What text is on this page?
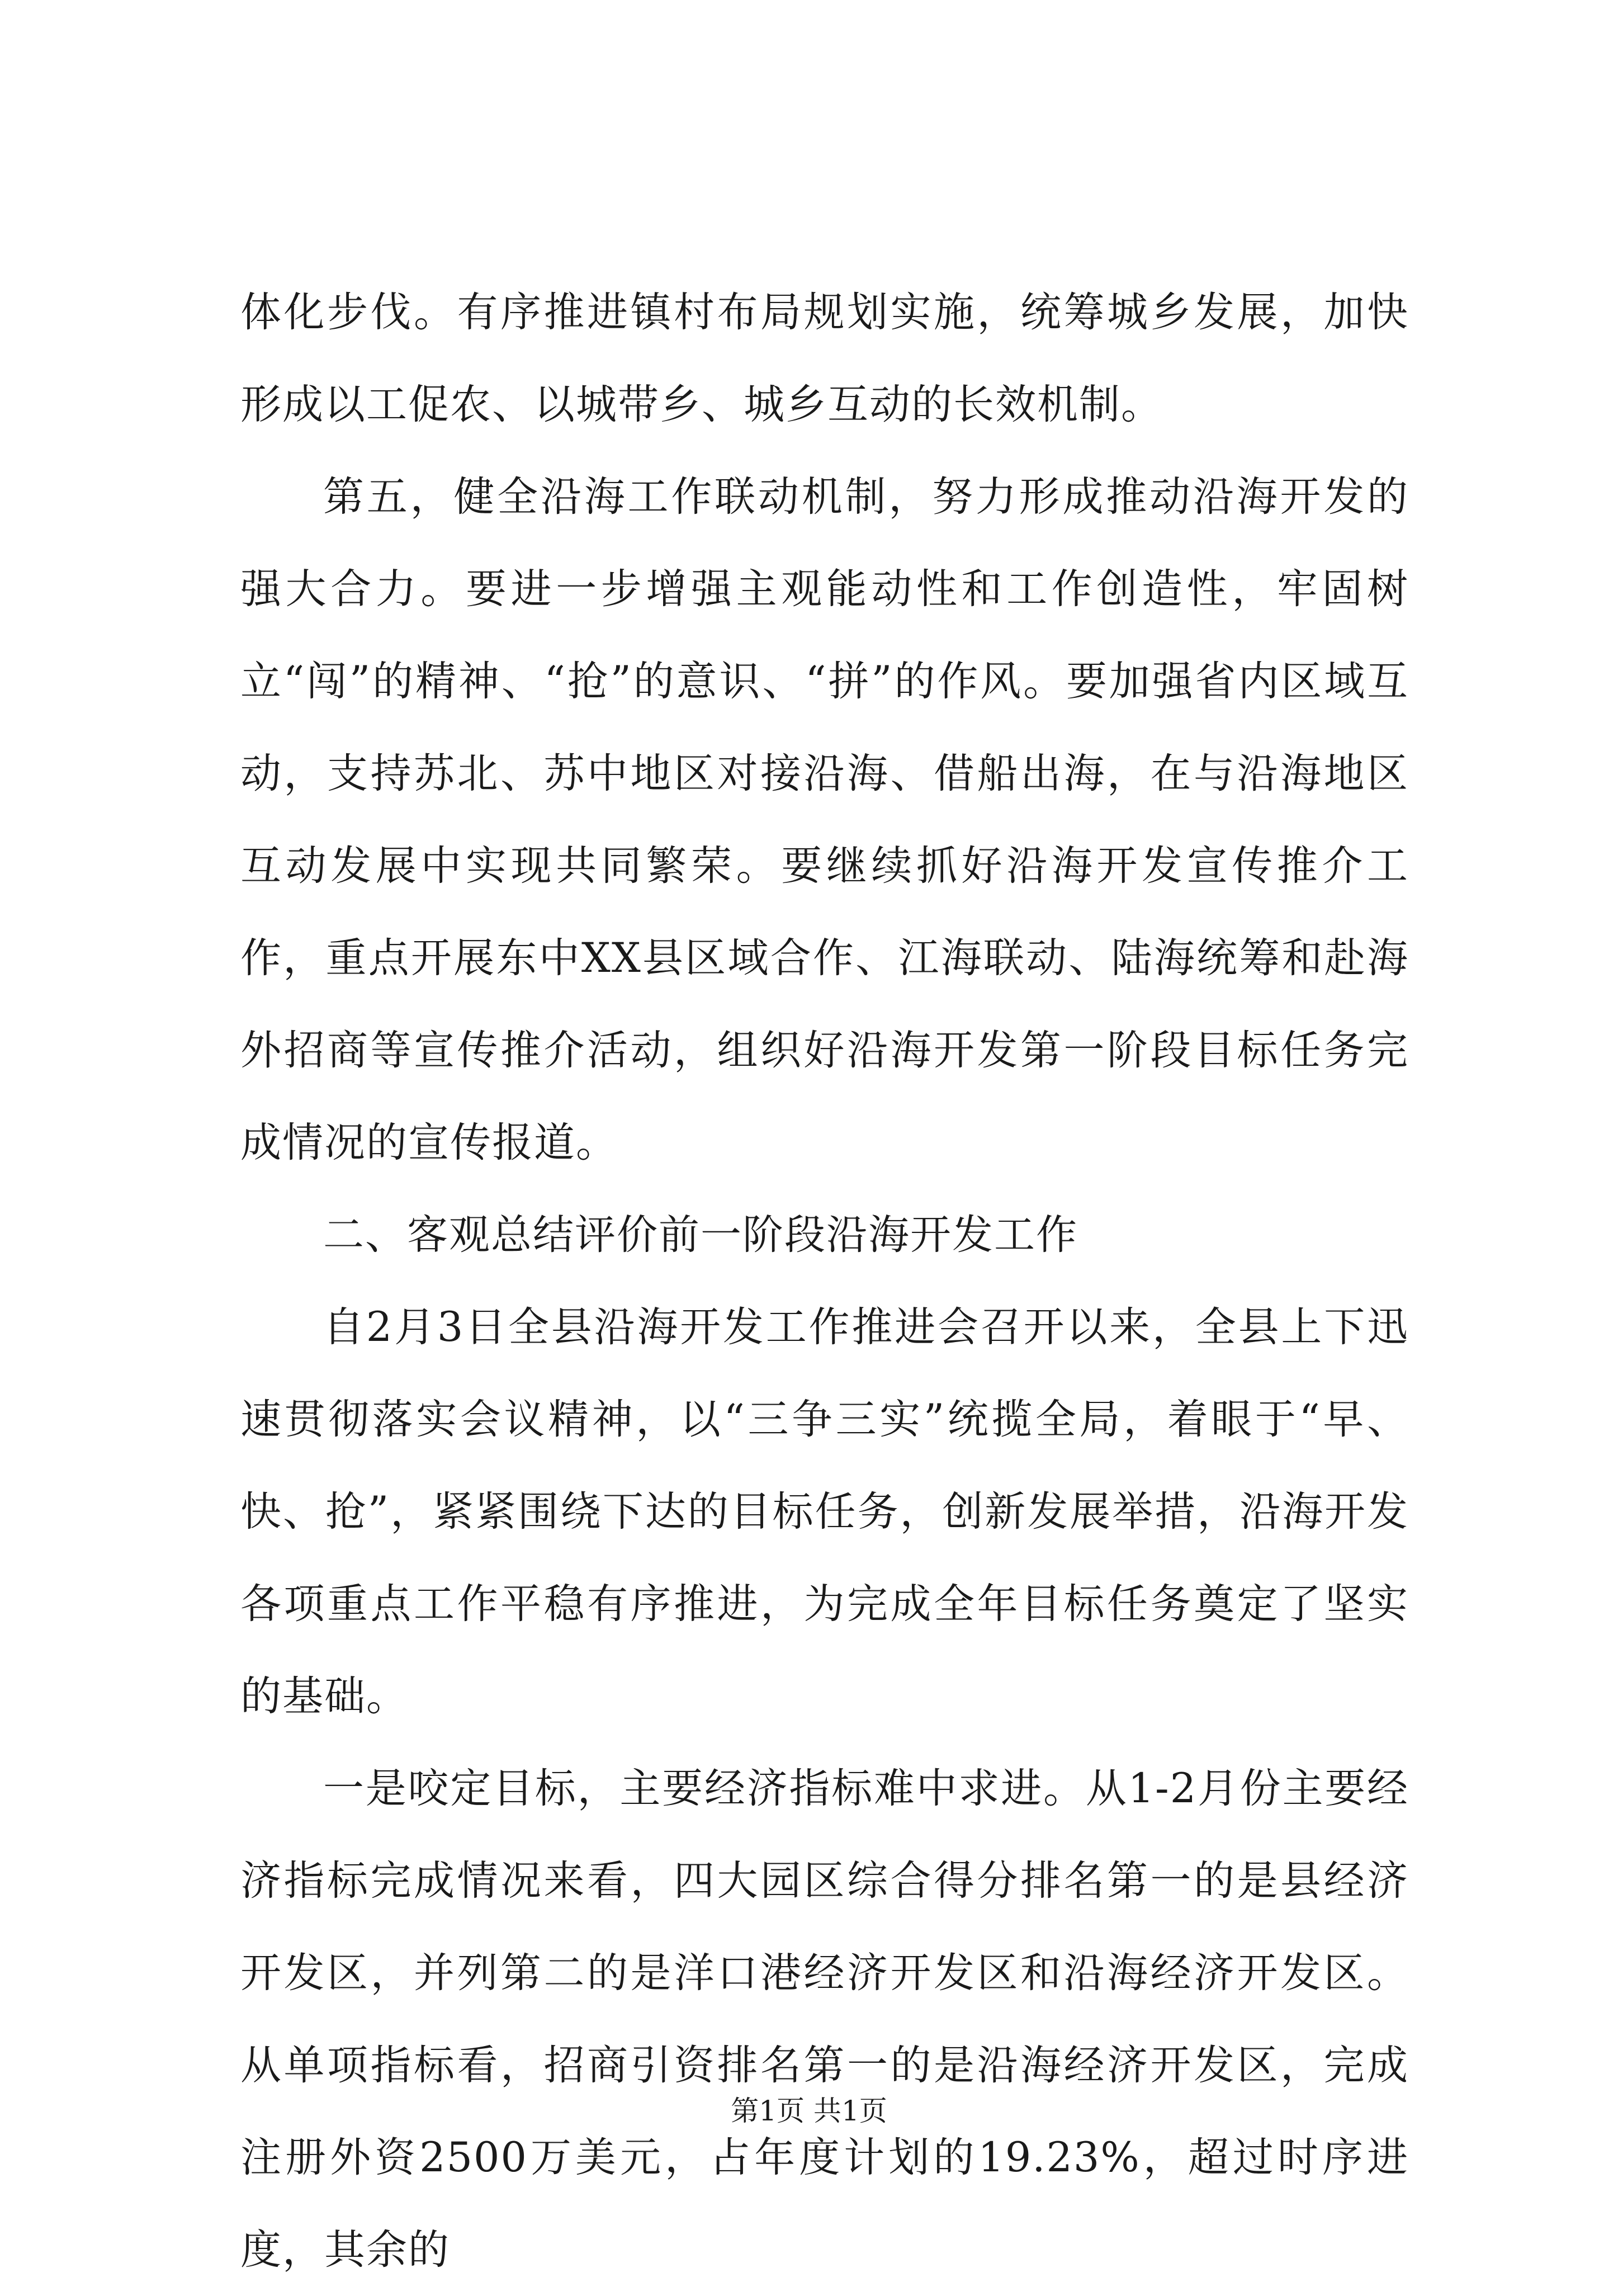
体化步伐。有序推进镇村布局规划实施，统筹城乡发展，加快形成以工促农、以城带乡、城乡互动的长效机制。

第五，健全沿海工作联动机制，努力形成推动沿海开发的强大合力。要进一步增强主观能动性和工作创造性，牢固树立“闯”的精神、“抢”的意识、“拼”的作风。要加强省内区域互动，支持苏北、苏中地区对接沿海、借船出海，在与沿海地区互动发展中实现共同繁荣。要继续抓好沿海开发宣传推介工作，重点开展东中XX县区域合作、江海联动、陆海统筹和赴海外招商等宣传推介活动，组织好沿海开发第一阶段目标任务完成情况的宣传报道。

二、客观总结评价前一阶段沿海开发工作

自2月3日全县沿海开发工作推进会召开以来，全县上下迅速贯彻落实会议精神，以“三争三实”统揽全局，着眼于“早、快、抢”，紧紧围绕下达的目标任务，创新发展举措，沿海开发各项重点工作平稳有序推进，为完成全年目标任务奠定了坚实的基础。

一是咬定目标，主要经济指标难中求进。从1-2月份主要经济指标完成情况来看，四大园区综合得分排名第一的是县经济开发区，并列第二的是洋口港经济开发区和沿海经济开发区。从单项指标看，招商引资排名第一的是沿海经济开发区，完成注册外资2500万美元，占年度计划的19.23%，超过时序进度，其余的

第1页 共1页
